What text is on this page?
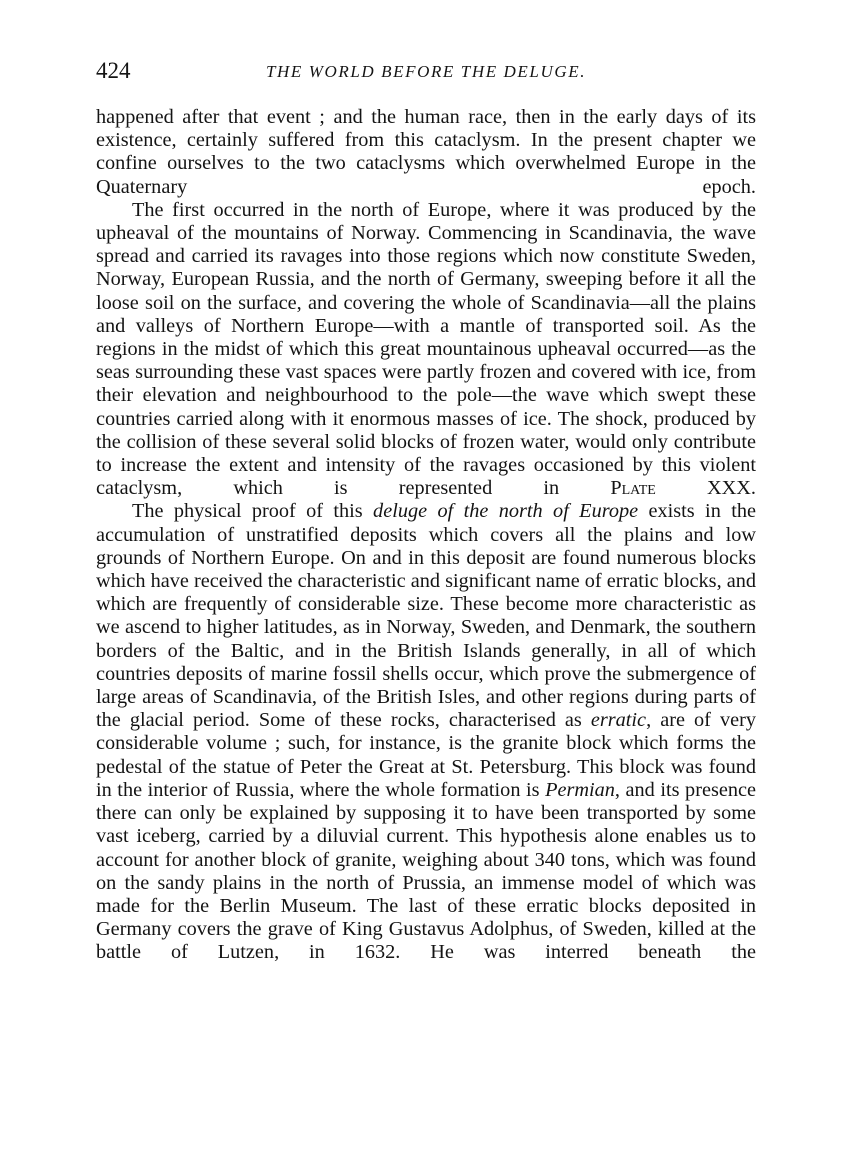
424	THE WORLD BEFORE THE DELUGE.

happened after that event ; and the human race, then in the early days of its existence, certainly suffered from this cataclysm. In the present chapter we confine ourselves to the two cataclysms which overwhelmed Europe in the Quaternary epoch.

The first occurred in the north of Europe, where it was produced by the upheaval of the mountains of Norway. Commencing in Scandinavia, the wave spread and carried its ravages into those regions which now constitute Sweden, Norway, European Russia, and the north of Germany, sweeping before it all the loose soil on the surface, and covering the whole of Scandinavia—all the plains and valleys of Northern Europe—with a mantle of transported soil. As the regions in the midst of which this great mountainous upheaval occurred—as the seas surrounding these vast spaces were partly frozen and covered with ice, from their elevation and neighbourhood to the pole—the wave which swept these countries carried along with it enormous masses of ice. The shock, produced by the collision of these several solid blocks of frozen water, would only contribute to increase the extent and intensity of the ravages occasioned by this violent cataclysm, which is represented in Plate XXX.

The physical proof of this deluge of the north of Europe exists in the accumulation of unstratified deposits which covers all the plains and low grounds of Northern Europe. On and in this deposit are found numerous blocks which have received the characteristic and significant name of erratic blocks, and which are frequently of considerable size. These become more characteristic as we ascend to higher latitudes, as in Norway, Sweden, and Denmark, the southern borders of the Baltic, and in the British Islands generally, in all of which countries deposits of marine fossil shells occur, which prove the submergence of large areas of Scandinavia, of the British Isles, and other regions during parts of the glacial period. Some of these rocks, characterised as erratic, are of very considerable volume ; such, for instance, is the granite block which forms the pedestal of the statue of Peter the Great at St. Petersburg. This block was found in the interior of Russia, where the whole formation is Permian, and its presence there can only be explained by supposing it to have been transported by some vast iceberg, carried by a diluvial current. This hypothesis alone enables us to account for another block of granite, weighing about 340 tons, which was found on the sandy plains in the north of Prussia, an immense model of which was made for the Berlin Museum. The last of these erratic blocks deposited in Germany covers the grave of King Gustavus Adolphus, of Sweden, killed at the battle of Lutzen, in 1632. He was interred beneath the
